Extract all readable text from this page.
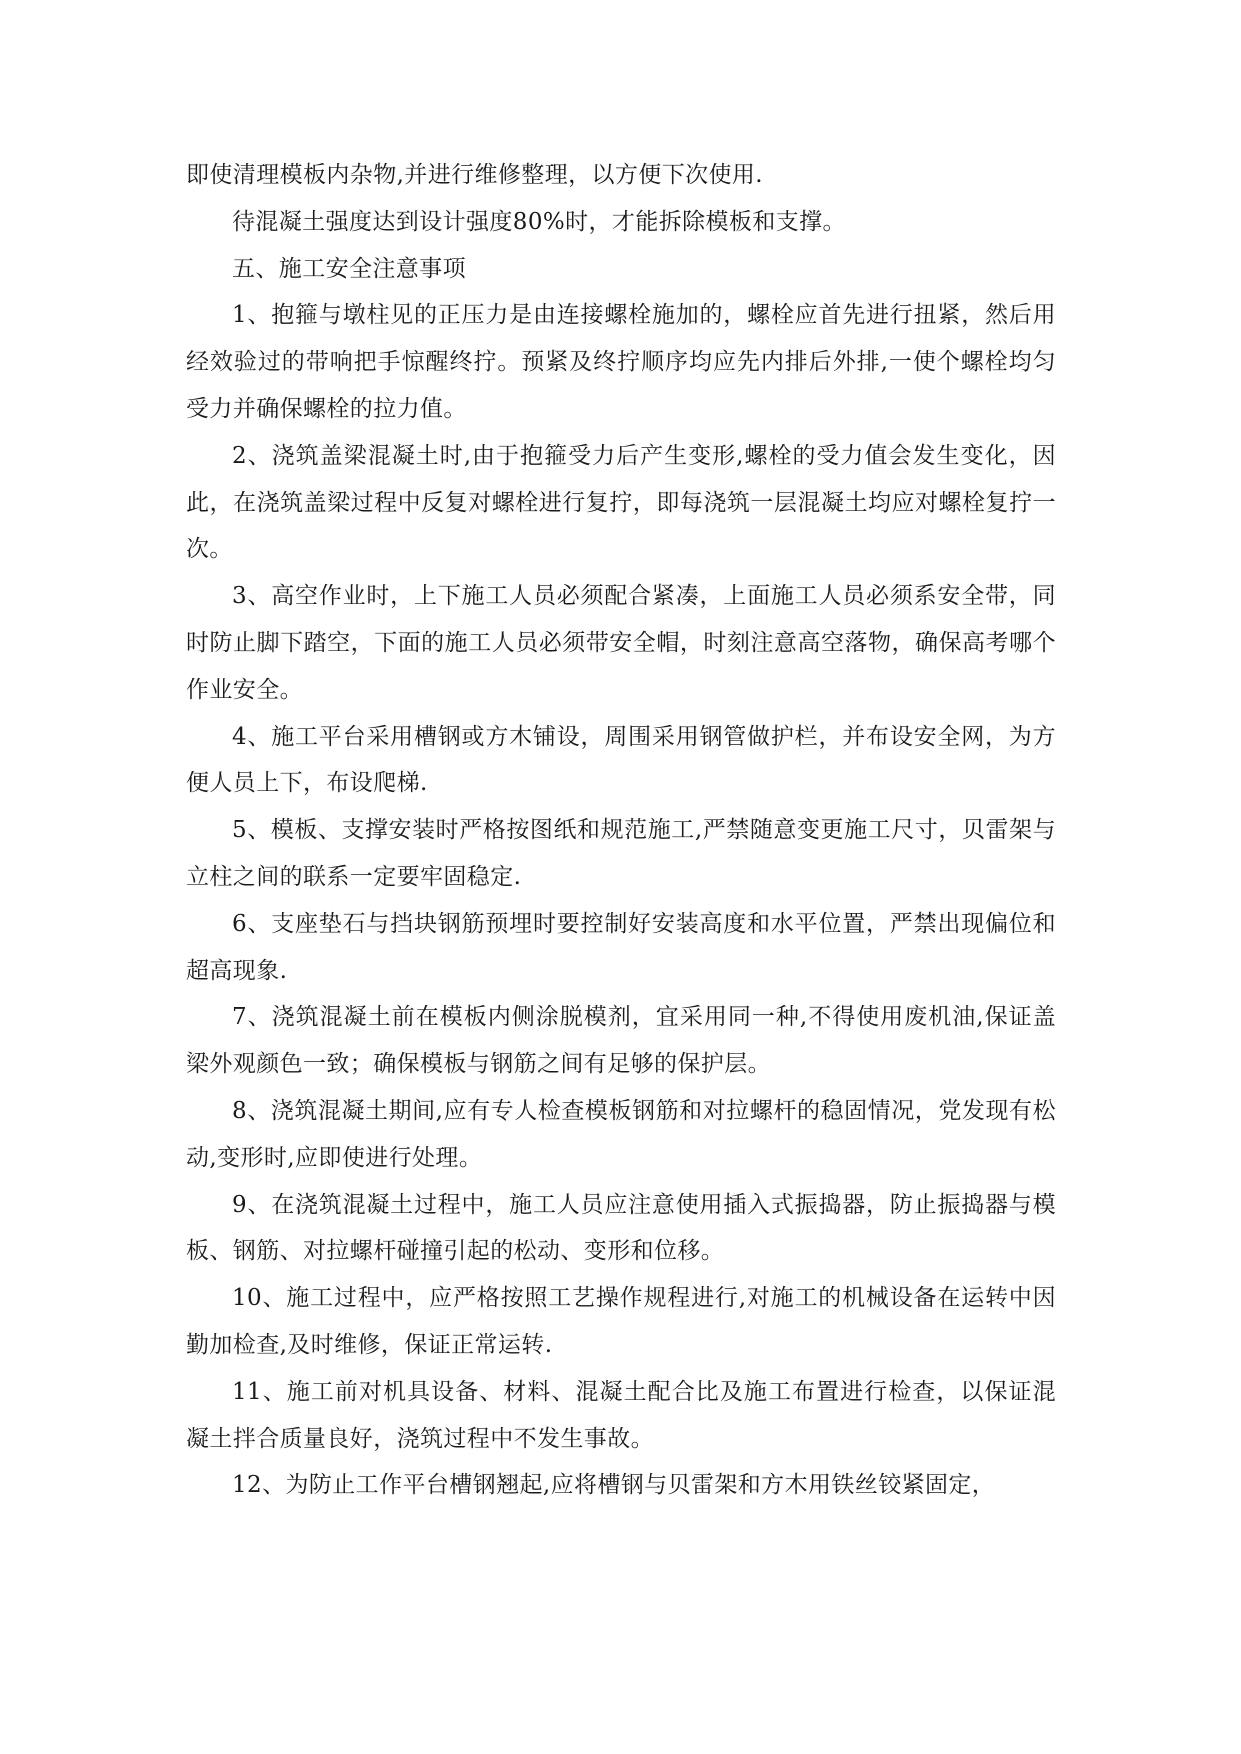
即使清理模板内杂物,并进行维修整理，以方便下次使用.

待混凝土强度达到设计强度80%时，才能拆除模板和支撑。

五、施工安全注意事项

1、抱箍与墩柱见的正压力是由连接螺栓施加的，螺栓应首先进行扭紧，然后用经效验过的带响把手惊醒终拧。预紧及终拧顺序均应先内排后外排,一使个螺栓均匀受力并确保螺栓的拉力值。

2、浇筑盖梁混凝土时,由于抱箍受力后产生变形,螺栓的受力值会发生变化，因此，在浇筑盖梁过程中反复对螺栓进行复拧，即每浇筑一层混凝土均应对螺栓复拧一次。

3、高空作业时，上下施工人员必须配合紧凑，上面施工人员必须系安全带，同时防止脚下踏空，下面的施工人员必须带安全帽，时刻注意高空落物，确保高考哪个作业安全。

4、施工平台采用槽钢或方木铺设，周围采用钢管做护栏，并布设安全网，为方便人员上下，布设爬梯.

5、模板、支撑安装时严格按图纸和规范施工,严禁随意变更施工尺寸，贝雷架与立柱之间的联系一定要牢固稳定.

6、支座垫石与挡块钢筋预埋时要控制好安装高度和水平位置，严禁出现偏位和超高现象.

7、浇筑混凝土前在模板内侧涂脱模剂，宜采用同一种,不得使用废机油,保证盖梁外观颜色一致；确保模板与钢筋之间有足够的保护层。

8、浇筑混凝土期间,应有专人检查模板钢筋和对拉螺杆的稳固情况，党发现有松动,变形时,应即使进行处理。

9、在浇筑混凝土过程中，施工人员应注意使用插入式振捣器，防止振捣器与模板、钢筋、对拉螺杆碰撞引起的松动、变形和位移。

10、施工过程中，应严格按照工艺操作规程进行,对施工的机械设备在运转中因勤加检查,及时维修，保证正常运转.

11、施工前对机具设备、材料、混凝土配合比及施工布置进行检查，以保证混凝土拌合质量良好，浇筑过程中不发生事故。

12、为防止工作平台槽钢翘起,应将槽钢与贝雷架和方木用铁丝铰紧固定，
